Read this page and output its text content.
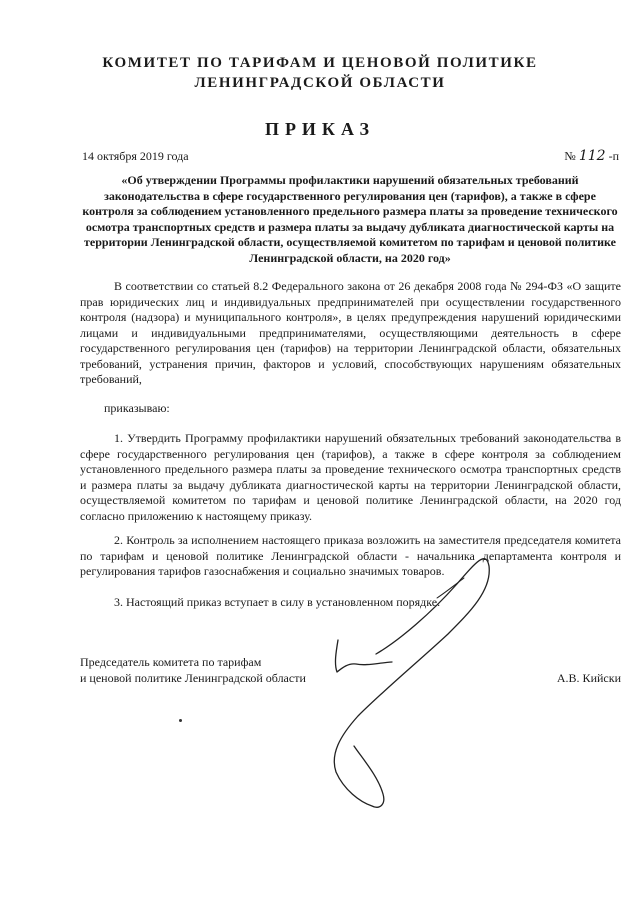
КОМИТЕТ ПО ТАРИФАМ И ЦЕНОВОЙ ПОЛИТИКЕ
ЛЕНИНГРАДСКОЙ ОБЛАСТИ
ПРИКАЗ
14 октября 2019 года	№ 112 -п
«Об утверждении Программы профилактики нарушений обязательных требований законодательства в сфере государственного регулирования цен (тарифов), а также в сфере контроля за соблюдением установленного предельного размера платы за проведение технического осмотра транспортных средств и размера платы за выдачу дубликата диагностической карты на территории Ленинградской области, осуществляемой комитетом по тарифам и ценовой политике Ленинградской области, на 2020 год»

В соответствии со статьей 8.2 Федерального закона от 26 декабря 2008 года № 294-ФЗ «О защите прав юридических лиц и индивидуальных предпринимателей при осуществлении государственного контроля (надзора) и муниципального контроля», в целях предупреждения нарушений юридическими лицами и индивидуальными предпринимателями, осуществляющими деятельность в сфере государственного регулирования цен (тарифов) на территории Ленинградской области, обязательных требований, устранения причин, факторов и условий, способствующих нарушениям обязательных требований,

приказываю:

1. Утвердить Программу профилактики нарушений обязательных требований законодательства в сфере государственного регулирования цен (тарифов), а также в сфере контроля за соблюдением установленного предельного размера платы за проведение технического осмотра транспортных средств и размера платы за выдачу дубликата диагностической карты на территории Ленинградской области, осуществляемой комитетом по тарифам и ценовой политике Ленинградской области, на 2020 год согласно приложению к настоящему приказу.

2. Контроль за исполнением настоящего приказа возложить на заместителя председателя комитета по тарифам и ценовой политике Ленинградской области - начальника департамента контроля и регулирования тарифов газоснабжения и социально значимых товаров.

3. Настоящий приказ вступает в силу в установленном порядке.

Председатель комитета по тарифам
и ценовой политике Ленинградской области	А.В. Кийски
